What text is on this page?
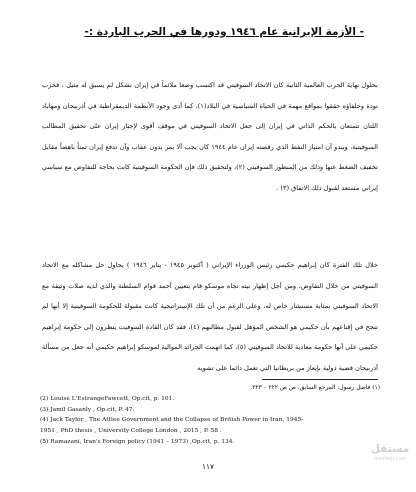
- الأزمة الإيرانية عام ١٩٤٦ ودورها في الحرب الباردة :-

بحلول نهاية الحرب العالمية الثانية كان الاتحاد السوفيتي قد اكتسب وضعا ملائماً في إيران بشكل لم يسبق له مثيل ، فحزب تودة وحلفاؤه حققوا بمواقع مهمة في الحياة السياسية في البلاد(١)، كما أدى وجود الأنظمة الديمقراطية في أذربيجان ومهاباد اللتان تتمتعان بالحكم الذاتي في إيران إلى جعل الاتحاد السوفيتي في موقف أقوى لإجبار إيران على تحقيق المطالب السوفيتية، ويبدو أن امتياز النفط الذي رفضته إيران عام ١٩٤٤ كان يجب ألا يمر بدون عقاب وأن تدفع إيران ثمناً باهضاً مقابل تخفيف الضغط عنها وذلك من المنظور السوفيتي (٢)، ولتحقيق ذلك فإن الحكومة السوفيتية كانت بحاجة للتفاوض مع سياسي إيراني مستعد لقبول ذلك الاتفاق (٣) .

خلال تلك الفترة كان إبراهيم حكيمي رئيس الوزراء الإيراني ( أكتوبر ١٩٤٥ - يناير ١٩٤٦ ) يحاول حل مشاكله مع الاتحاد السوفيتي من خلال التفاوض، ومن أجل إظهار نيته تجاه موسكو قام بتعيين أحمد قوام السلطنة والذي لديه صلات وثيقة مع الاتحاد السوفيتي بمثابة مستشار خاص له، وعلى الرغم من أن تلك الإستراتيجية كانت مقبولة للحكومة السوفيتية إلا أنها لم تنجح في إقناعهم بأن حكيمي هو الشخص المؤهل لقبول مطالبهم (٤)، فقد كان القادة السوفيت ينظرون إلى حكومة إبراهيم حكيمي على أنها حكومة معادية للاتحاد السوفيتي (٥)، كما اتهمت الجرائد الموالية لموسكو إبراهيم حكيمي أنه جعل من مسألة أذربيجان قضية دولية بإيعاز من بريطانيا التي تعمل دائما على تشويه

(١) فاضل رسول: المرجع السابق، ص ص ٢٢٢ – ٢٢٣.
(2) Louise L'EstrangeFawcett, Op.cit, p. 101.
(3) Jamil Gasanly , Op.cit, P. 47.
(4) Jack Taylor , The Attlee Government and the Collapse of British Power in Iran, 1945-
1951 , PhD thesis , University College London , 2015 , P. 58 .
(5) Ramazani, Iran's Foreign policy (1941 – 1973) ,Op.cit, p. 134.
١١٧
مستقل
mostaql.com
